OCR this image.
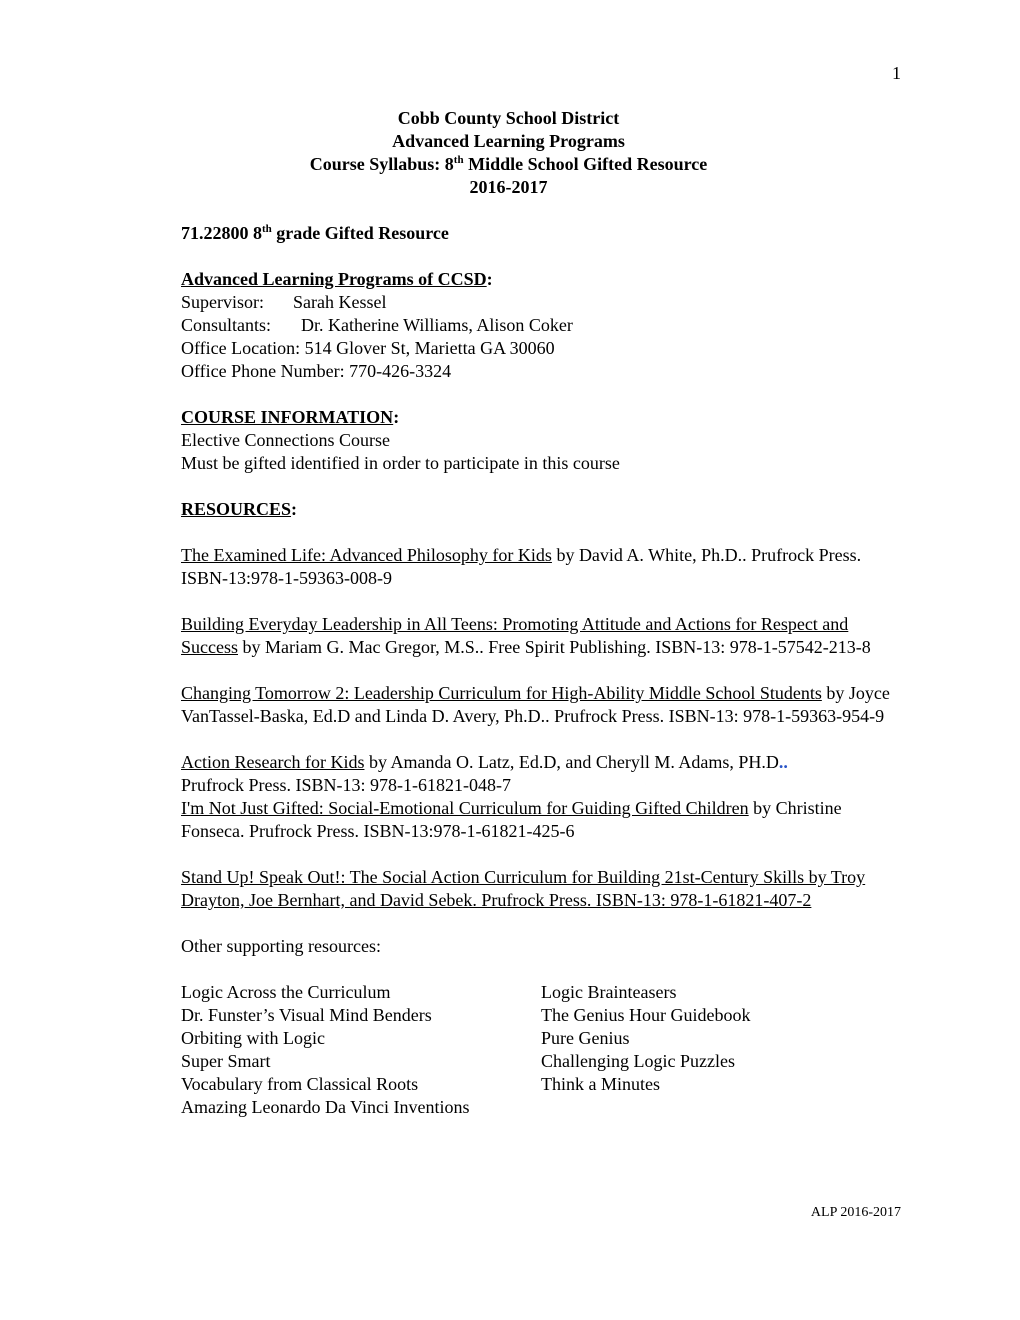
1
Cobb County School District
Advanced Learning Programs
Course Syllabus: 8th Middle School Gifted Resource
2016-2017
71.22800 8th grade Gifted Resource
Advanced Learning Programs of CCSD:
Supervisor: Sarah Kessel
Consultants: Dr. Katherine Williams, Alison Coker
Office Location: 514 Glover St, Marietta GA 30060
Office Phone Number: 770-426-3324
COURSE INFORMATION:
Elective Connections Course
Must be gifted identified in order to participate in this course
RESOURCES:
The Examined Life: Advanced Philosophy for Kids by David A. White, Ph.D.. Prufrock Press. ISBN-13:978-1-59363-008-9
Building Everyday Leadership in All Teens: Promoting Attitude and Actions for Respect and Success by Mariam G. Mac Gregor, M.S.. Free Spirit Publishing. ISBN-13: 978-1-57542-213-8
Changing Tomorrow 2: Leadership Curriculum for High-Ability Middle School Students by Joyce VanTassel-Baska, Ed.D and Linda D. Avery, Ph.D.. Prufrock Press. ISBN-13: 978-1-59363-954-9
Action Research for Kids by Amanda O. Latz, Ed.D, and Cheryll M. Adams, PH.D..
Prufrock Press. ISBN-13: 978-1-61821-048-7
I'm Not Just Gifted: Social-Emotional Curriculum for Guiding Gifted Children by Christine Fonseca. Prufrock Press. ISBN-13:978-1-61821-425-6
Stand Up! Speak Out!: The Social Action Curriculum for Building 21st-Century Skills by Troy Drayton, Joe Bernhart, and David Sebek. Prufrock Press. ISBN-13: 978-1-61821-407-2
Other supporting resources:
Logic Across the Curriculum
Dr. Funster’s Visual Mind Benders
Orbiting with Logic
Super Smart
Vocabulary from Classical Roots
Amazing Leonardo Da Vinci Inventions
Logic Brainteasers
The Genius Hour Guidebook
Pure Genius
Challenging Logic Puzzles
Think a Minutes
ALP 2016-2017
